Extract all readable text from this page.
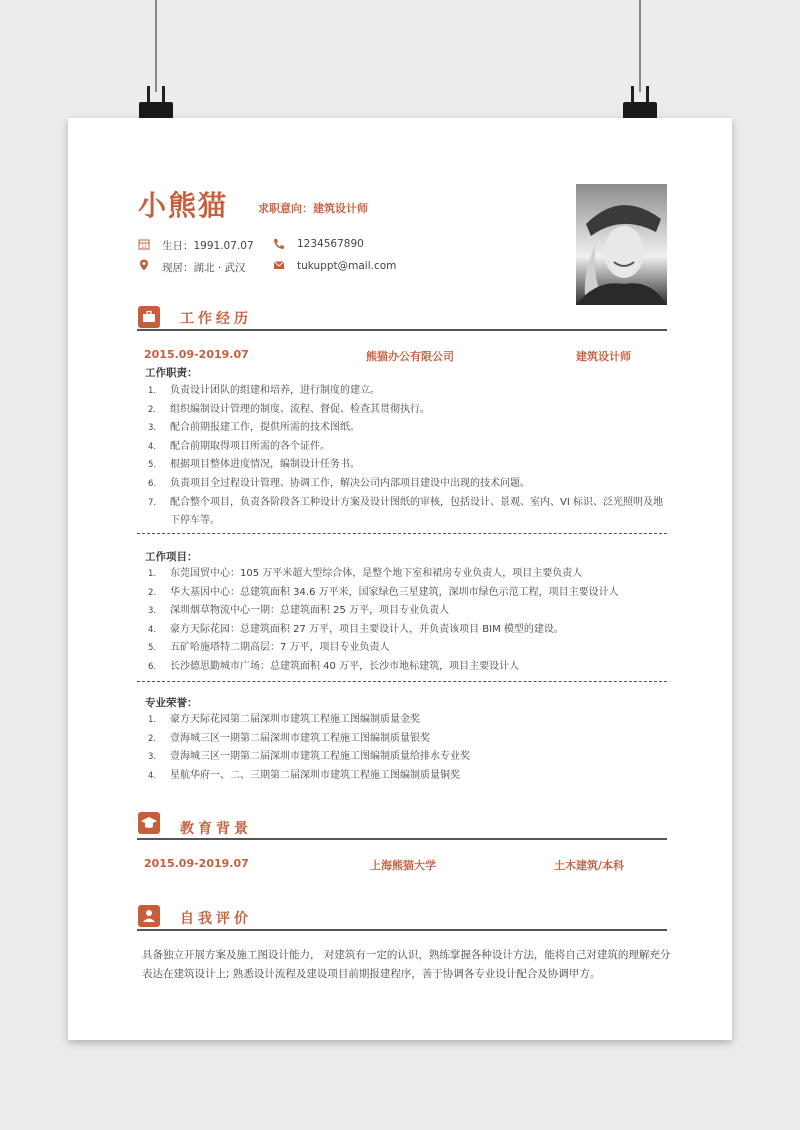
小熊猫	求职意向：建筑设计师
11 生日：1991.07.07	1234567890
现居：湖北 · 武汉	tukuppt@mail.com
工作经历
2015.09-2019.07	熊猫办公有限公司	建筑设计师
工作职责：
1. 负责设计团队的组建和培养，进行制度的建立。
2. 组织编制设计管理的制度、流程、督促、检查其贯彻执行。
3. 配合前期报建工作，提供所需的技术图纸。
4. 配合前期取得项目所需的各个证件。
5. 根据项目整体进度情况，编制设计任务书。
6. 负责项目全过程设计管理、协调工作，解决公司内部项目建设中出现的技术问题。
7. 配合整个项目，负责各阶段各工种设计方案及设计图纸的审核，包括设计、景观、室内、VI 标识、泛光照明及地下停车等。
工作项目：
1. 东莞国贸中心：105 万平米超大型综合体，是整个地下室和裙房专业负责人，项目主要负责人
2. 华大基因中心：总建筑面积 34.6 万平米，国家绿色三星建筑，深圳市绿色示范工程，项目主要设计人
3. 深圳烟草物流中心一期：总建筑面积 25 万平，项目专业负责人
4. 豪方天际花园：总建筑面积 27 万平，项目主要设计人，并负责该项目 BIM 模型的建设。
5. 五矿哈施塔特二期高层：7 万平，项目专业负责人
6. 长沙德思勤城市广场：总建筑面积 40 万平，长沙市地标建筑，项目主要设计人
专业荣誉：
1. 豪方天际花园第二届深圳市建筑工程施工图编制质量金奖
2. 壹海城三区一期第二届深圳市建筑工程施工图编制质量银奖
3. 壹海城三区一期第二届深圳市建筑工程施工图编制质量给排水专业奖
4. 星航华府一、二、三期第二届深圳市建筑工程施工图编制质量铜奖
教育背景
2015.09-2019.07	上海熊猫大学	土木建筑/本科
自我评价
具备独立开展方案及施工图设计能力， 对建筑有一定的认识，熟练掌握各种设计方法，能将自己对建筑的理解充分表达在建筑设计上; 熟悉设计流程及建设项目前期报建程序，善于协调各专业设计配合及协调甲方。
